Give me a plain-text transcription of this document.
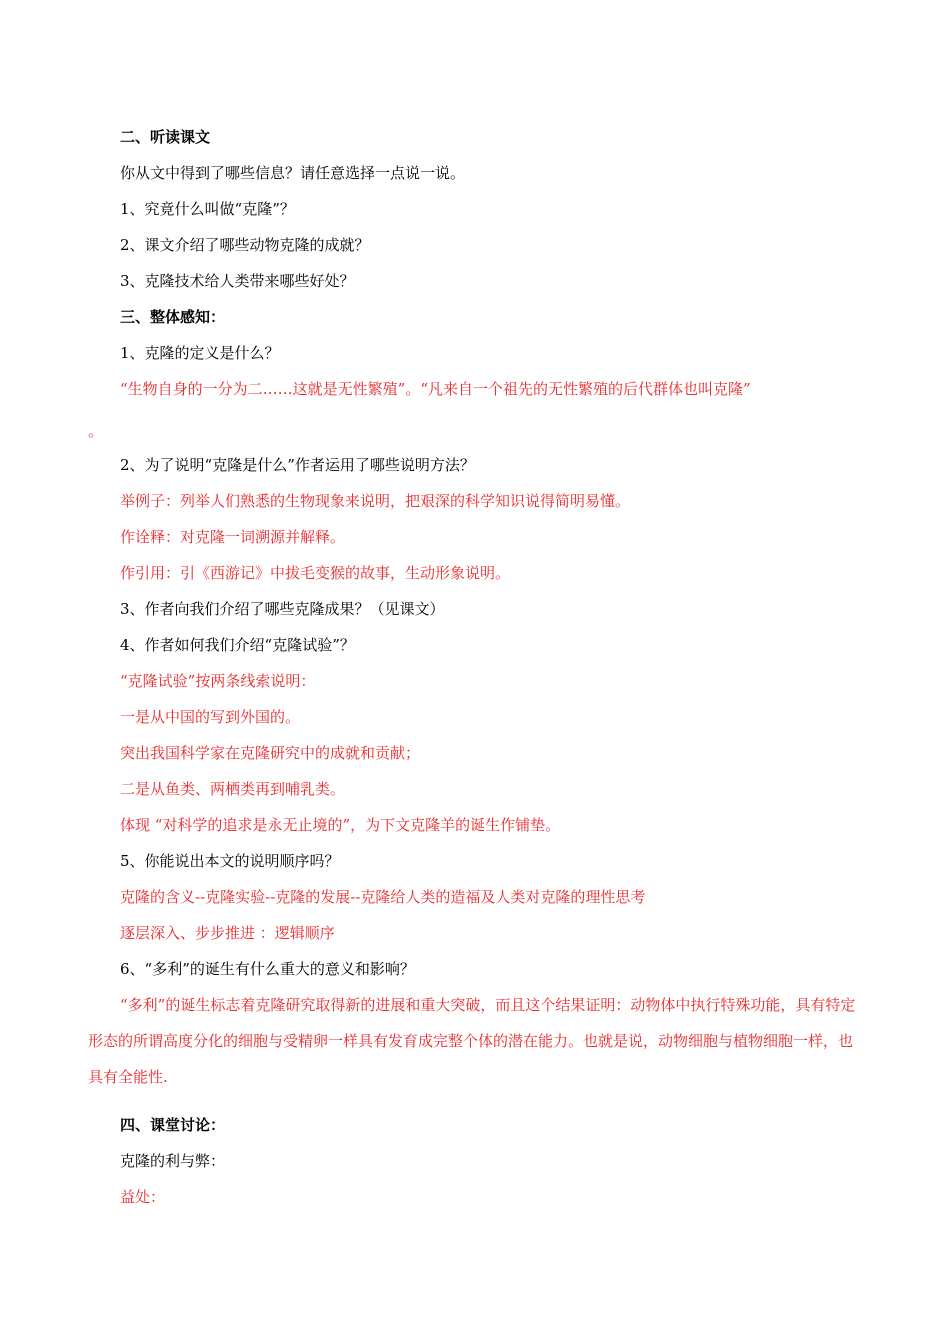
二、听读课文
你从文中得到了哪些信息？请任意选择一点说一说。
1、究竟什么叫做“克隆”？
2、课文介绍了哪些动物克隆的成就？
3、克隆技术给人类带来哪些好处？
三、整体感知：
1、克隆的定义是什么？
“生物自身的一分为二……这就是无性繁殖”。“凡来自一个祖先的无性繁殖的后代群体也叫克隆”
。
2、为了说明“克隆是什么”作者运用了哪些说明方法？
举例子：列举人们熟悉的生物现象来说明，把艰深的科学知识说得简明易懂。
作诠释：对克隆一词溯源并解释。
作引用：引《西游记》中拔毛变猴的故事，生动形象说明。
3、作者向我们介绍了哪些克隆成果？（见课文）
4、作者如何我们介绍“克隆试验”？
“克隆试验”按两条线索说明：
一是从中国的写到外国的。
突出我国科学家在克隆研究中的成就和贡献；
二是从鱼类、两栖类再到哺乳类。
体现 “对科学的追求是永无止境的”，为下文克隆羊的诞生作铺垫。
5、你能说出本文的说明顺序吗？
克隆的含义--克隆实验--克隆的发展--克隆给人类的造福及人类对克隆的理性思考
逐层深入、步步推进 ：逻辑顺序
6、“多利”的诞生有什么重大的意义和影响？
“多利”的诞生标志着克隆研究取得新的进展和重大突破，而且这个结果证明：动物体中执行特殊功能，具有特定形态的所谓高度分化的细胞与受精卵一样具有发育成完整个体的潜在能力。也就是说，动物细胞与植物细胞一样，也具有全能性.
四、课堂讨论：
克隆的利与弊：
益处：
